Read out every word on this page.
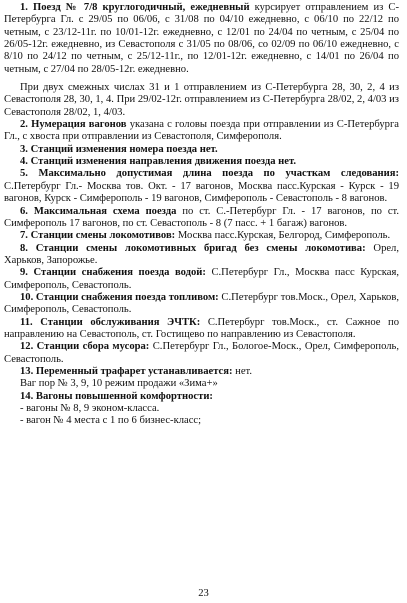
1. Поезд № 7/8 круглогодичный, ежедневный курсирует отправлением из С-Петербурга Гл. с 29/05 по 06/06, с 31/08 по 04/10 ежедневно, с 06/10 по 22/12 по четным, с 23/12-11г. по 10/01-12г. ежедневно, с 12/01 по 24/04 по четным, с 25/04 по 26/05-12г. ежедневно, из Севастополя с 31/05 по 08/06, со 02/09 по 06/10 ежедневно, с 8/10 по 24/12 по четным, с 25/12-11г., по 12/01-12г. ежедневно, с 14/01 по 26/04 по четным, с 27/04 по 28/05-12г. ежедневно.

При двух смежных числах 31 и 1 отправлением из С-Петербурга 28, 30, 2, 4 из Севастополя 28, 30, 1, 4. При 29/02-12г. отправлением из С-Петербурга 28/02, 2, 4/03 из Севастополя 28/02, 1, 4/03.

2. Нумерация вагонов указана с головы поезда при отправлении из С-Петербурга Гл., с хвоста при отправлении из Севастополя, Симферополя.

3. Станций изменения номера поезда нет.

4. Станций изменения направления движения поезда нет.

5. Максимально допустимая длина поезда по участкам следования: С.Петербург Гл.- Москва тов. Окт. - 17 вагонов, Москва пасс.Курская - Курск - 19 вагонов, Курск - Симферополь - 19 вагонов, Симферополь - Севастополь - 8 вагонов.

6. Максимальная схема поезда по ст. С.-Петербург Гл. - 17 вагонов, по ст. Симферополь 17 вагонов, по ст. Севастополь - 8 (7 пасс. + 1 багаж) вагонов.

7. Станции смены локомотивов: Москва пасс.Курская, Белгород, Симферополь.

8. Станции смены локомотивных бригад без смены локомотива: Орел, Харьков, Запорожье.

9. Станции снабжения поезда водой: С.Петербург Гл., Москва пасс Курская, Симферополь, Севастополь.

10. Станции снабжения поезда топливом: С.Петербург тов.Моск., Орел, Харьков, Симферополь, Севастополь.

11. Станции обслуживания ЭЧТК: С.Петербург тов.Моск., ст. Сажное по направлению на Севастополь, ст. Гостищево по направлению из Севастополя.

12. Станции сбора мусора: С.Петербург Гл., Бологое-Моск., Орел, Симферополь, Севастополь.

13. Переменный трафарет устанавливается: нет.

Ваг пор № 3, 9, 10 режим продажи «Зима+»

14. Вагоны повышенной комфортности:

- вагоны № 8, 9 эконом-класса.

- вагон № 4 места с 1 по 6 бизнес-класс;

23
